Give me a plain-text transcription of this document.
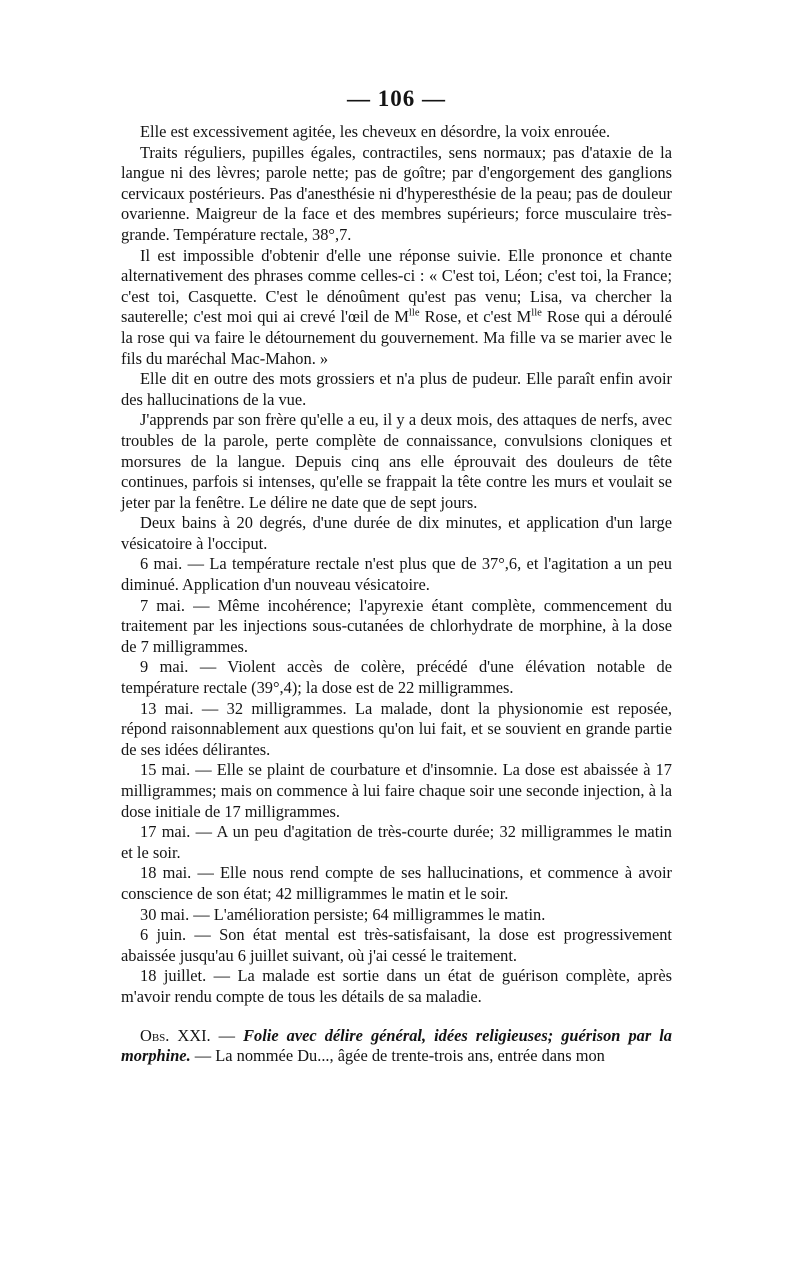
— 106 —

Elle est excessivement agitée, les cheveux en désordre, la voix enrouée.

Traits réguliers, pupilles égales, contractiles, sens normaux; pas d'ataxie de la langue ni des lèvres; parole nette; pas de goître; par d'engorgement des ganglions cervicaux postérieurs. Pas d'anesthésie ni d'hyperesthésie de la peau; pas de douleur ovarienne. Maigreur de la face et des membres supérieurs; force musculaire très-grande. Température rectale, 38°,7.

Il est impossible d'obtenir d'elle une réponse suivie. Elle prononce et chante alternativement des phrases comme celles-ci : « C'est toi, Léon; c'est toi, la France; c'est toi, Casquette. C'est le dénoûment qu'est pas venu; Lisa, va chercher la sauterelle; c'est moi qui ai crevé l'œil de $M^{lle}$ Rose, et c'est $M^{lle}$ Rose qui a déroulé la rose qui va faire le détournement du gouvernement. Ma fille va se marier avec le fils du maréchal Mac-Mahon. »

Elle dit en outre des mots grossiers et n'a plus de pudeur. Elle paraît enfin avoir des hallucinations de la vue.

J'apprends par son frère qu'elle a eu, il y a deux mois, des attaques de nerfs, avec troubles de la parole, perte complète de connaissance, convulsions cloniques et morsures de la langue. Depuis cinq ans elle éprouvait des douleurs de tête continues, parfois si intenses, qu'elle se frappait la tête contre les murs et voulait se jeter par la fenêtre. Le délire ne date que de sept jours.

Deux bains à 20 degrés, d'une durée de dix minutes, et application d'un large vésicatoire à l'occiput.

6 mai. — La température rectale n'est plus que de 37°,6, et l'agitation a un peu diminué. Application d'un nouveau vésicatoire.

7 mai. — Même incohérence; l'apyrexie étant complète, commencement du traitement par les injections sous-cutanées de chlorhydrate de morphine, à la dose de 7 milligrammes.

9 mai. — Violent accès de colère, précédé d'une élévation notable de température rectale (39°,4); la dose est de 22 milligrammes.

13 mai. — 32 milligrammes. La malade, dont la physionomie est reposée, répond raisonnablement aux questions qu'on lui fait, et se souvient en grande partie de ses idées délirantes.

15 mai. — Elle se plaint de courbature et d'insomnie. La dose est abaissée à 17 milligrammes; mais on commence à lui faire chaque soir une seconde injection, à la dose initiale de 17 milligrammes.

17 mai. — A un peu d'agitation de très-courte durée; 32 milligrammes le matin et le soir.

18 mai. — Elle nous rend compte de ses hallucinations, et commence à avoir conscience de son état; 42 milligrammes le matin et le soir.

30 mai. — L'amélioration persiste; 64 milligrammes le matin.

6 juin. — Son état mental est très-satisfaisant, la dose est progressivement abaissée jusqu'au 6 juillet suivant, où j'ai cessé le traitement.

18 juillet. — La malade est sortie dans un état de guérison complète, après m'avoir rendu compte de tous les détails de sa maladie.

Obs. XXI. — Folie avec délire général, idées religieuses; guérison par la morphine. — La nommée Du..., âgée de trente-trois ans, entrée dans mon
